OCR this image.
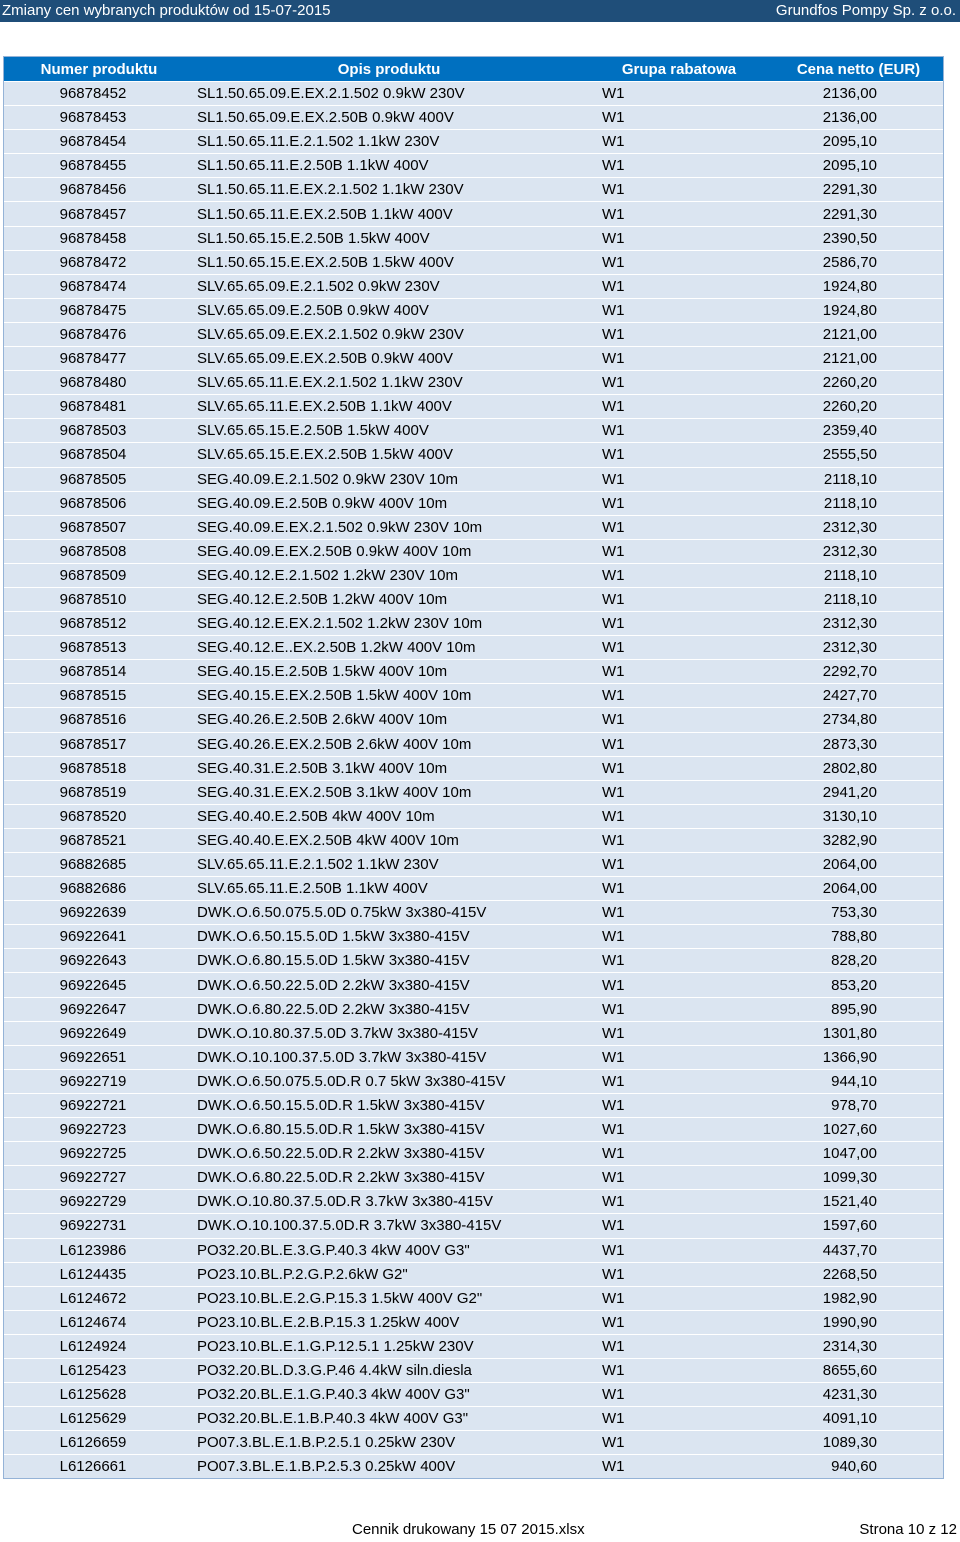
Zmiany cen wybranych produktów od 15-07-2015	Grundfos Pompy Sp. z o.o.
Numer produktu	Opis produktu	Grupa rabatowa	Cena netto (EUR)
96878452	SL1.50.65.09.E.EX.2.1.502 0.9kW 230V	W1	2136,00
96878453	SL1.50.65.09.E.EX.2.50B 0.9kW 400V	W1	2136,00
96878454	SL1.50.65.11.E.2.1.502 1.1kW 230V	W1	2095,10
96878455	SL1.50.65.11.E.2.50B 1.1kW 400V	W1	2095,10
96878456	SL1.50.65.11.E.EX.2.1.502 1.1kW 230V	W1	2291,30
96878457	SL1.50.65.11.E.EX.2.50B 1.1kW 400V	W1	2291,30
96878458	SL1.50.65.15.E.2.50B 1.5kW 400V	W1	2390,50
96878472	SL1.50.65.15.E.EX.2.50B 1.5kW 400V	W1	2586,70
96878474	SLV.65.65.09.E.2.1.502 0.9kW 230V	W1	1924,80
96878475	SLV.65.65.09.E.2.50B 0.9kW 400V	W1	1924,80
96878476	SLV.65.65.09.E.EX.2.1.502 0.9kW 230V	W1	2121,00
96878477	SLV.65.65.09.E.EX.2.50B 0.9kW 400V	W1	2121,00
96878480	SLV.65.65.11.E.EX.2.1.502 1.1kW 230V	W1	2260,20
96878481	SLV.65.65.11.E.EX.2.50B 1.1kW 400V	W1	2260,20
96878503	SLV.65.65.15.E.2.50B 1.5kW 400V	W1	2359,40
96878504	SLV.65.65.15.E.EX.2.50B 1.5kW 400V	W1	2555,50
96878505	SEG.40.09.E.2.1.502 0.9kW 230V 10m	W1	2118,10
96878506	SEG.40.09.E.2.50B 0.9kW 400V 10m	W1	2118,10
96878507	SEG.40.09.E.EX.2.1.502 0.9kW 230V 10m	W1	2312,30
96878508	SEG.40.09.E.EX.2.50B 0.9kW 400V 10m	W1	2312,30
96878509	SEG.40.12.E.2.1.502 1.2kW 230V 10m	W1	2118,10
96878510	SEG.40.12.E.2.50B 1.2kW 400V 10m	W1	2118,10
96878512	SEG.40.12.E.EX.2.1.502 1.2kW 230V 10m	W1	2312,30
96878513	SEG.40.12.E..EX.2.50B 1.2kW 400V 10m	W1	2312,30
96878514	SEG.40.15.E.2.50B 1.5kW 400V 10m	W1	2292,70
96878515	SEG.40.15.E.EX.2.50B 1.5kW 400V 10m	W1	2427,70
96878516	SEG.40.26.E.2.50B 2.6kW 400V 10m	W1	2734,80
96878517	SEG.40.26.E.EX.2.50B 2.6kW 400V 10m	W1	2873,30
96878518	SEG.40.31.E.2.50B 3.1kW 400V 10m	W1	2802,80
96878519	SEG.40.31.E.EX.2.50B 3.1kW 400V 10m	W1	2941,20
96878520	SEG.40.40.E.2.50B 4kW 400V 10m	W1	3130,10
96878521	SEG.40.40.E.EX.2.50B 4kW 400V 10m	W1	3282,90
96882685	SLV.65.65.11.E.2.1.502 1.1kW 230V	W1	2064,00
96882686	SLV.65.65.11.E.2.50B 1.1kW 400V	W1	2064,00
96922639	DWK.O.6.50.075.5.0D 0.75kW 3x380-415V	W1	753,30
96922641	DWK.O.6.50.15.5.0D 1.5kW 3x380-415V	W1	788,80
96922643	DWK.O.6.80.15.5.0D 1.5kW 3x380-415V	W1	828,20
96922645	DWK.O.6.50.22.5.0D 2.2kW 3x380-415V	W1	853,20
96922647	DWK.O.6.80.22.5.0D 2.2kW 3x380-415V	W1	895,90
96922649	DWK.O.10.80.37.5.0D 3.7kW 3x380-415V	W1	1301,80
96922651	DWK.O.10.100.37.5.0D 3.7kW 3x380-415V	W1	1366,90
96922719	DWK.O.6.50.075.5.0D.R 0.7 5kW 3x380-415V	W1	944,10
96922721	DWK.O.6.50.15.5.0D.R 1.5kW 3x380-415V	W1	978,70
96922723	DWK.O.6.80.15.5.0D.R 1.5kW 3x380-415V	W1	1027,60
96922725	DWK.O.6.50.22.5.0D.R 2.2kW 3x380-415V	W1	1047,00
96922727	DWK.O.6.80.22.5.0D.R 2.2kW 3x380-415V	W1	1099,30
96922729	DWK.O.10.80.37.5.0D.R 3.7kW 3x380-415V	W1	1521,40
96922731	DWK.O.10.100.37.5.0D.R 3.7kW 3x380-415V	W1	1597,60
L6123986	PO32.20.BL.E.3.G.P.40.3 4kW 400V G3"	W1	4437,70
L6124435	PO23.10.BL.P.2.G.P.2.6kW G2"	W1	2268,50
L6124672	PO23.10.BL.E.2.G.P.15.3 1.5kW 400V G2"	W1	1982,90
L6124674	PO23.10.BL.E.2.B.P.15.3 1.25kW 400V	W1	1990,90
L6124924	PO23.10.BL.E.1.G.P.12.5.1 1.25kW 230V	W1	2314,30
L6125423	PO32.20.BL.D.3.G.P.46 4.4kW siln.diesla	W1	8655,60
L6125628	PO32.20.BL.E.1.G.P.40.3 4kW 400V G3"	W1	4231,30
L6125629	PO32.20.BL.E.1.B.P.40.3 4kW 400V G3"	W1	4091,10
L6126659	PO07.3.BL.E.1.B.P.2.5.1 0.25kW 230V	W1	1089,30
L6126661	PO07.3.BL.E.1.B.P.2.5.3 0.25kW 400V	W1	940,60
Cennik drukowany 15 07 2015.xlsx	Strona 10 z 12
